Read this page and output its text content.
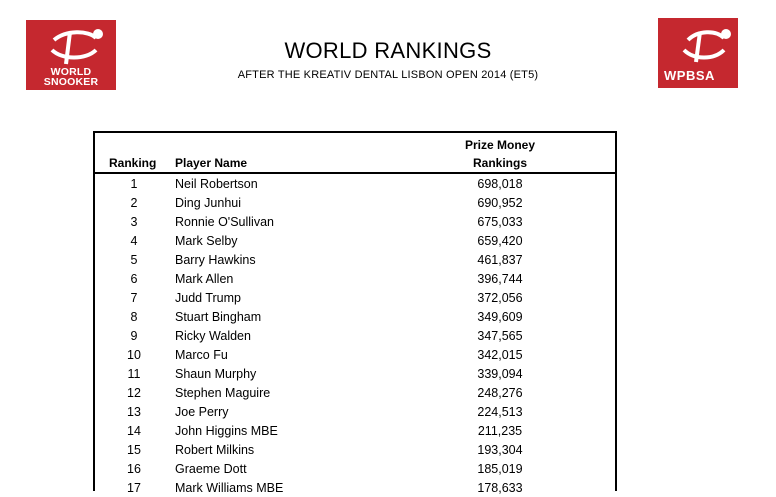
WORLD
SNOOKER	WPBSA
WORLD RANKINGS
AFTER THE KREATIV DENTAL LISBON OPEN 2014 (ET5)
Ranking Player Name
Prize Money
Rankings
1	Neil Robertson	698,018
2	Ding Junhui	690,952
3	Ronnie O'Sullivan	675,033
4	Mark Selby	659,420
5	Barry Hawkins	461,837
6	Mark Allen	396,744
7	Judd Trump	372,056
8	Stuart Bingham	349,609
9	Ricky Walden	347,565
10	Marco Fu	342,015
11	Shaun Murphy	339,094
12	Stephen Maguire	248,276
13	Joe Perry	224,513
14	John Higgins MBE	211,235
15	Robert Milkins	193,304
16	Graeme Dott	185,019
17	Mark Williams MBE	178,633
